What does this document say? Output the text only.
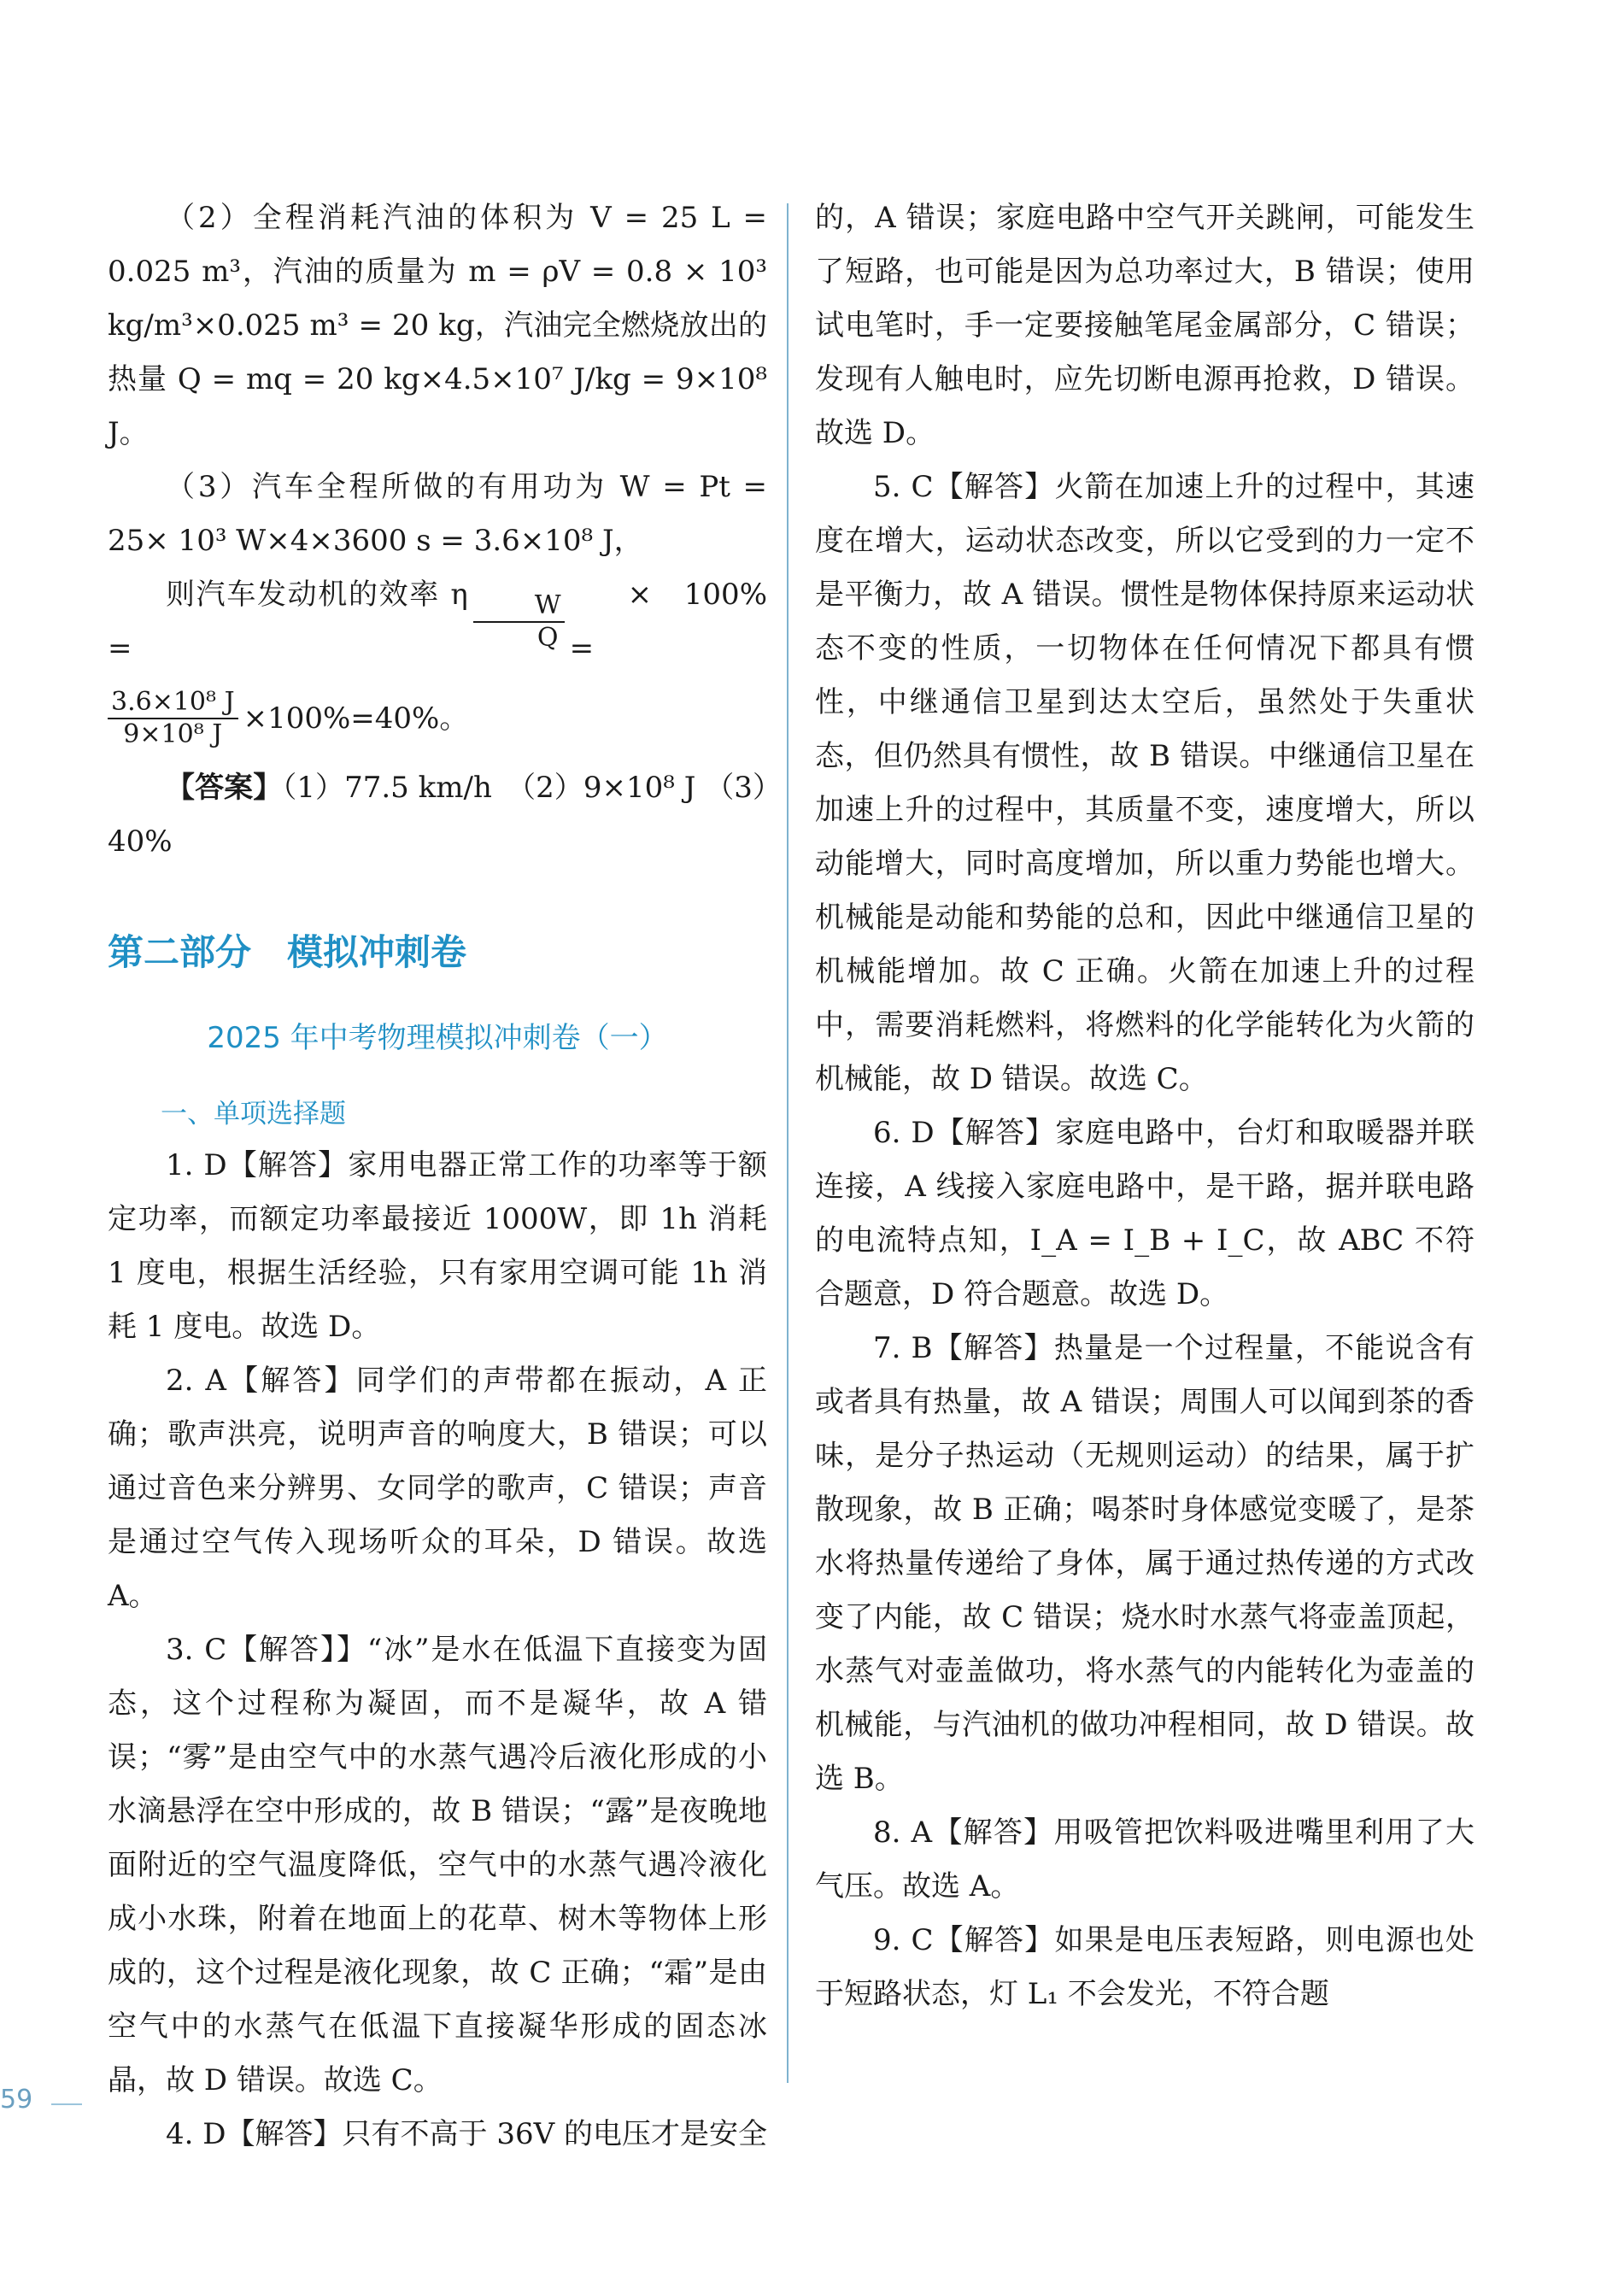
（2）全程消耗汽油的体积为 V = 25 L = 0.025 m³，汽油的质量为 m = ρV = 0.8 × 10³ kg/m³×0.025 m³ = 20 kg，汽油完全燃烧放出的热量 Q = mq = 20 kg×4.5×10⁷ J/kg = 9×10⁸ J。

（3）汽车全程所做的有用功为 W = Pt = 25× 10³ W×4×3600 s = 3.6×10⁸ J，

则汽车发动机的效率 η =	$\frac{W}{Q}$	× 100% =
$\frac{\text{3.6×10⁸ J}}{\text{9×10⁸ J}} \times 100\%=40\%$。

【答案】（1）77.5 km/h　（2）9×10⁸ J （3）40%

第二部分　模拟冲刺卷
2025 年中考物理模拟冲刺卷（一）
一、单项选择题

1. D【解答】家用电器正常工作的功率等于额定功率，而额定功率最接近 1000W，即 1h 消耗 1 度电，根据生活经验，只有家用空调可能 1h 消耗 1 度电。故选 D。

2. A【解答】同学们的声带都在振动，A 正确；歌声洪亮，说明声音的响度大，B 错误；可以通过音色来分辨男、女同学的歌声，C 错误；声音是通过空气传入现场听众的耳朵，D 错误。故选 A。

3. C【解答】】“冰”是水在低温下直接变为固态，这个过程称为凝固，而不是凝华，故 A 错误；“雾”是由空气中的水蒸气遇冷后液化形成的小水滴悬浮在空中形成的，故 B 错误；“露”是夜晚地面附近的空气温度降低，空气中的水蒸气遇冷液化成小水珠，附着在地面上的花草、树木等物体上形成的，这个过程是液化现象，故 C 正确；“霜”是由空气中的水蒸气在低温下直接凝华形成的固态冰晶，故 D 错误。故选 C。

4. D【解答】只有不高于 36V 的电压才是安全

的，A 错误；家庭电路中空气开关跳闸，可能发生了短路，也可能是因为总功率过大，B 错误；使用试电笔时，手一定要接触笔尾金属部分，C 错误；发现有人触电时，应先切断电源再抢救，D 错误。故选 D。

5. C【解答】火箭在加速上升的过程中，其速度在增大，运动状态改变，所以它受到的力一定不是平衡力，故 A 错误。惯性是物体保持原来运动状态不变的性质，一切物体在任何情况下都具有惯性，中继通信卫星到达太空后，虽然处于失重状态，但仍然具有惯性，故 B 错误。中继通信卫星在加速上升的过程中，其质量不变，速度增大，所以动能增大，同时高度增加，所以重力势能也增大。机械能是动能和势能的总和，因此中继通信卫星的机械能增加。故 C 正确。火箭在加速上升的过程中，需要消耗燃料，将燃料的化学能转化为火箭的机械能，故 D 错误。故选 C。

6. D【解答】家庭电路中，台灯和取暖器并联连接，A 线接入家庭电路中，是干路，据并联电路的电流特点知，I_A = I_B + I_C，故 ABC 不符合题意，D 符合题意。故选 D。

7. B【解答】热量是一个过程量，不能说含有或者具有热量，故 A 错误；周围人可以闻到茶的香味，是分子热运动（无规则运动）的结果，属于扩散现象，故 B 正确；喝茶时身体感觉变暖了，是茶水将热量传递给了身体，属于通过热传递的方式改变了内能，故 C 错误；烧水时水蒸气将壶盖顶起，水蒸气对壶盖做功，将水蒸气的内能转化为壶盖的机械能，与汽油机的做功冲程相同，故 D 错误。故选 B。

8. A【解答】用吸管把饮料吸进嘴里利用了大气压。故选 A。

9. C【解答】如果是电压表短路，则电源也处于短路状态，灯 L₁ 不会发光，不符合题

59
